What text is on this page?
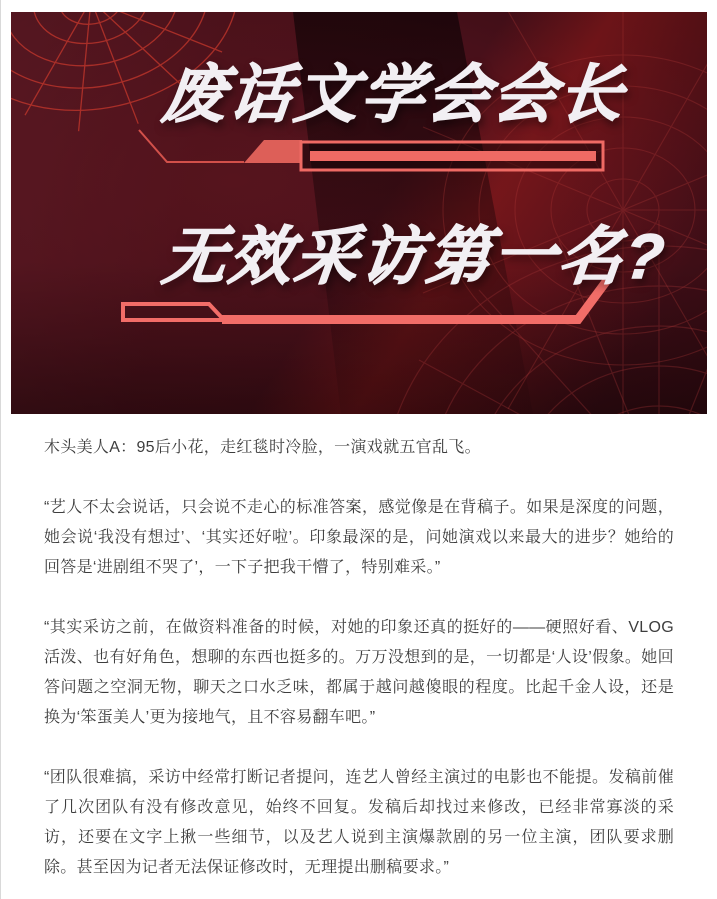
废话文学会会长
无效采访第一名?

木头美人A：95后小花，走红毯时冷脸，一演戏就五官乱飞。

“艺人不太会说话，只会说不走心的标准答案，感觉像是在背稿子。如果是深度的问题，她会说‘我没有想过’、‘其实还好啦’。印象最深的是，问她演戏以来最大的进步？她给的回答是‘进剧组不哭了’，一下子把我干懵了，特别难采。”

“其实采访之前，在做资料准备的时候，对她的印象还真的挺好的——硬照好看、VLOG活泼、也有好角色，想聊的东西也挺多的。万万没想到的是，一切都是‘人设’假象。她回答问题之空洞无物，聊天之口水乏味，都属于越问越傻眼的程度。比起千金人设，还是换为‘笨蛋美人’更为接地气，且不容易翻车吧。”

“团队很难搞，采访中经常打断记者提问，连艺人曾经主演过的电影也不能提。发稿前催了几次团队有没有修改意见，始终不回复。发稿后却找过来修改，已经非常寡淡的采访，还要在文字上揪一些细节，以及艺人说到主演爆款剧的另一位主演，团队要求删除。甚至因为记者无法保证修改时，无理提出删稿要求。”
